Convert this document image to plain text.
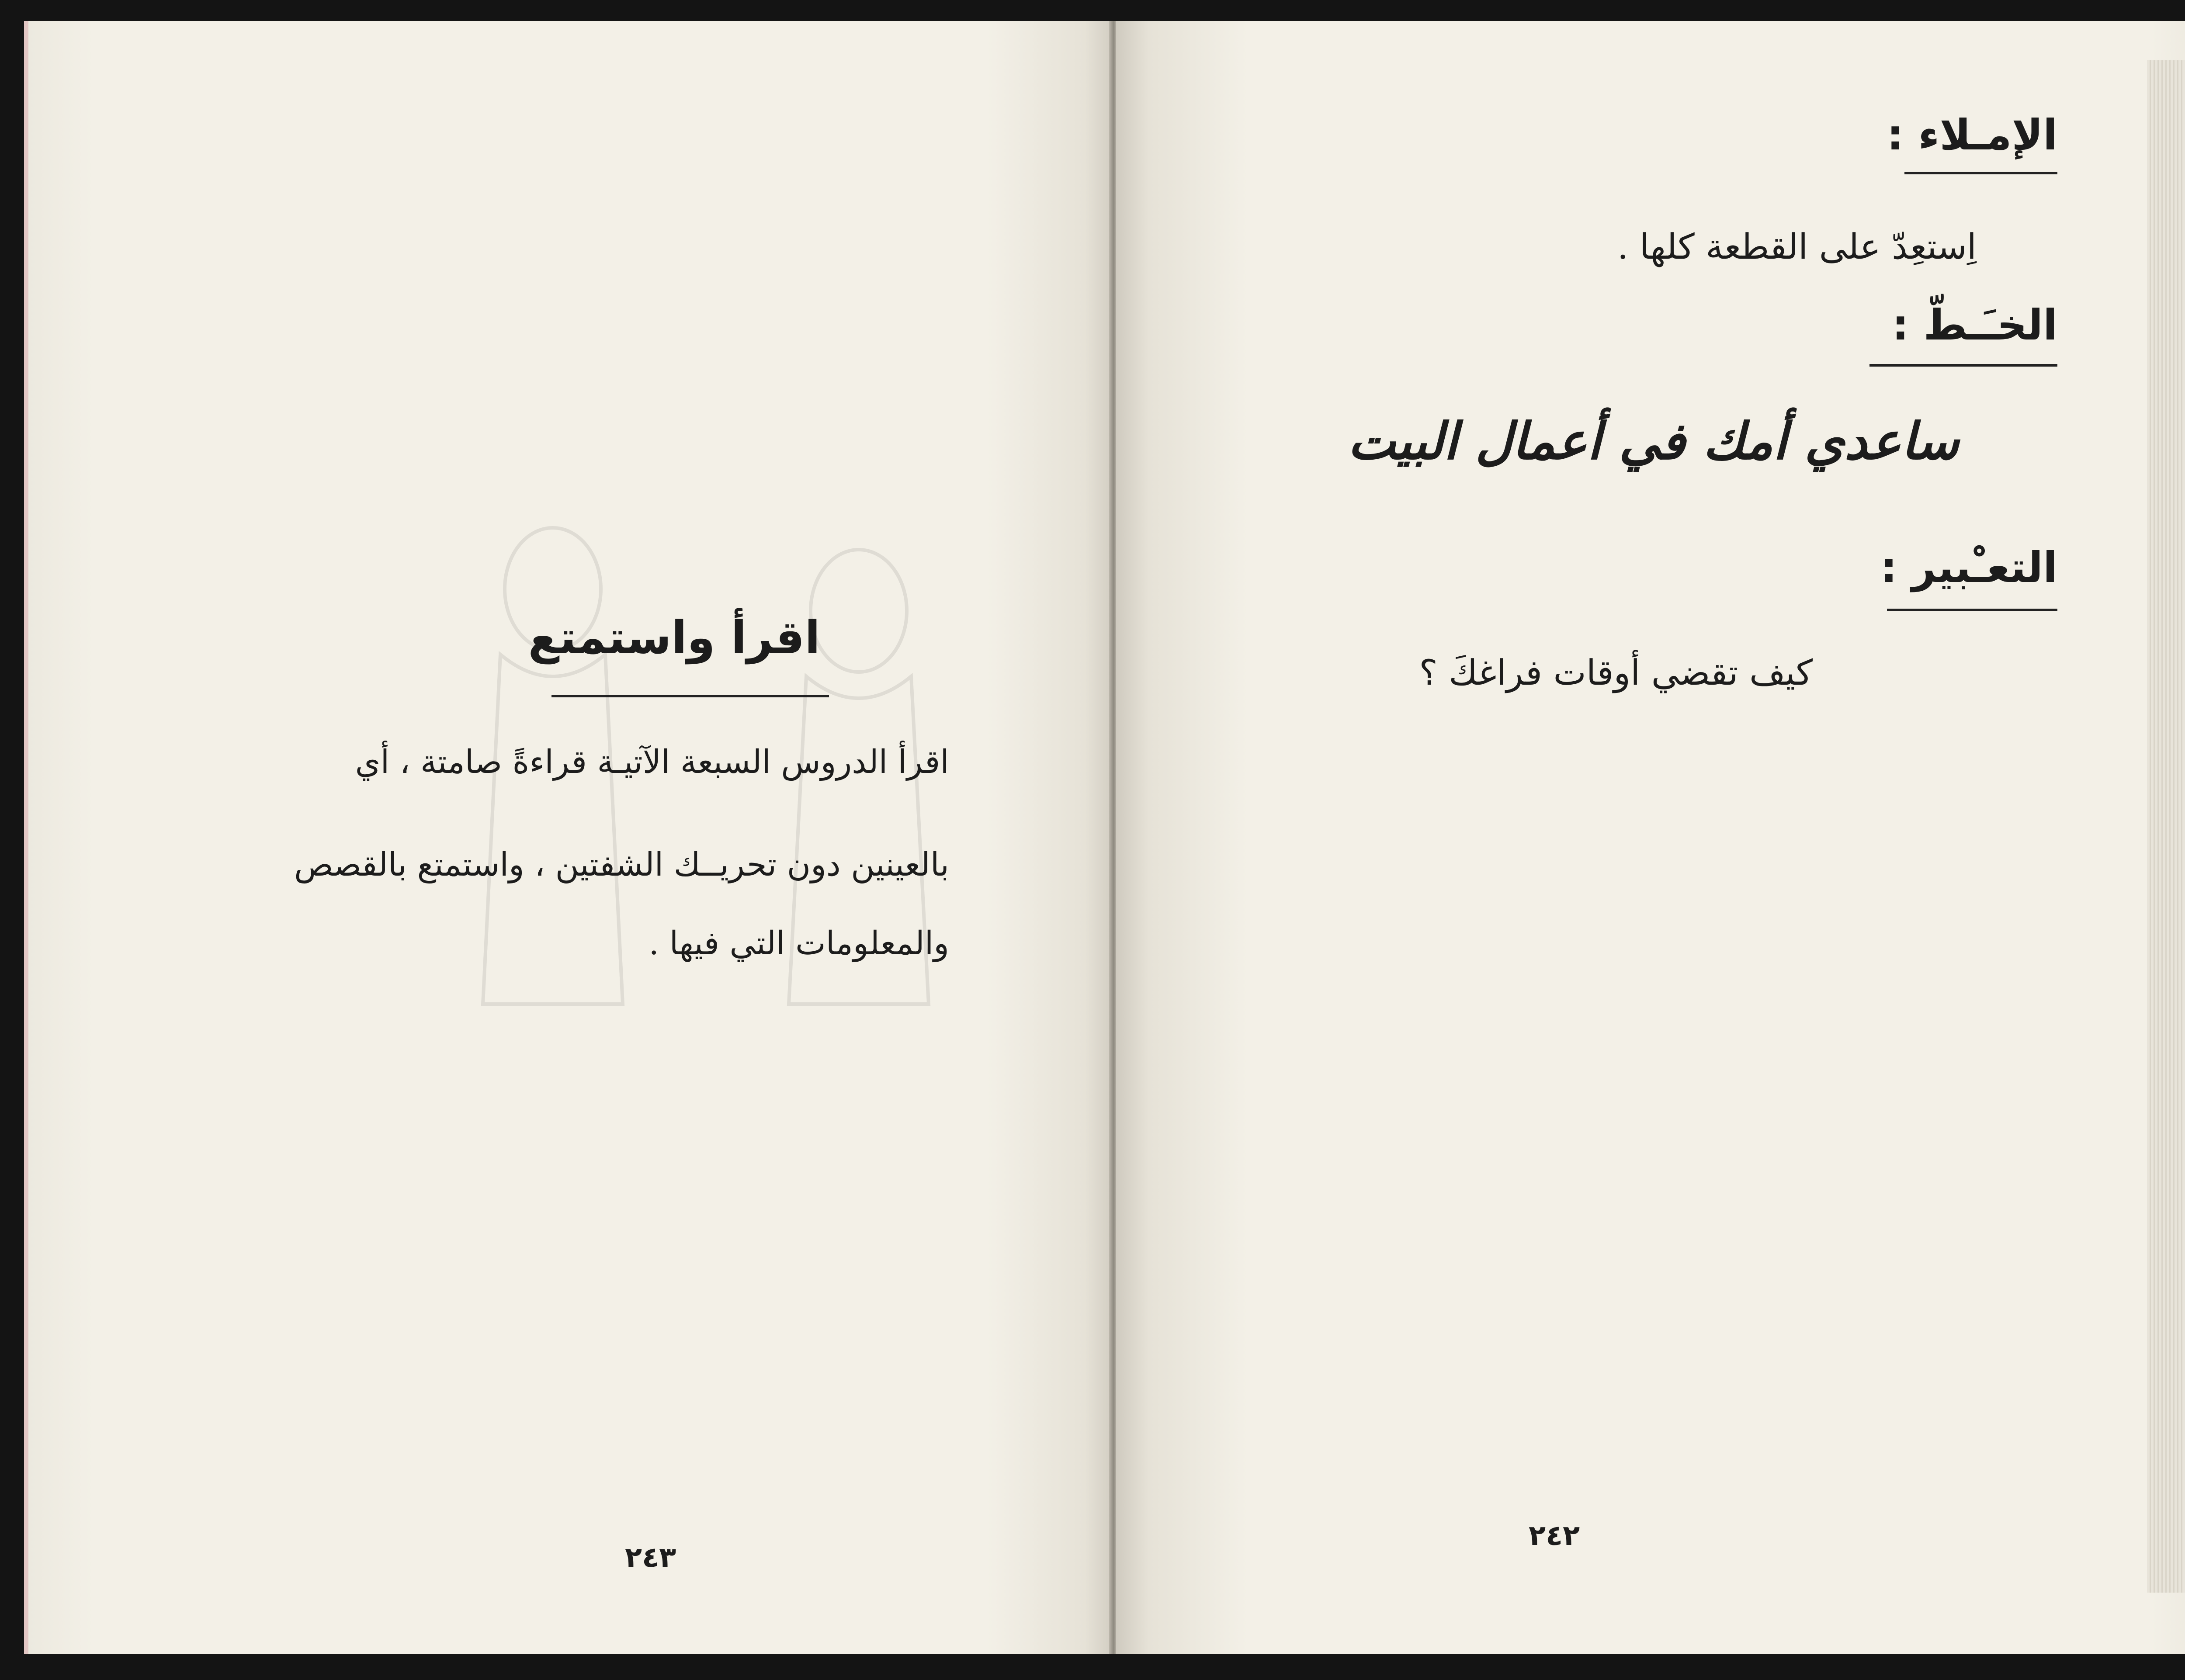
اقرأ واستمتع
اقرأ الدروس السبعة الآتيـة قراءةً صامتة ، أي
بالعينين دون تحريــك الشفتين ، واستمتع بالقصص
والمعلومات التي فيها .
٢٤٣
الإمـلاء :
اِستعِدّ على القطعة كلها .
الخـَـطّ :
ساعدي أمك في أعمال البيت
التعـْبير :
كيف تقضي أوقات فراغكَ ؟
٢٤٢
